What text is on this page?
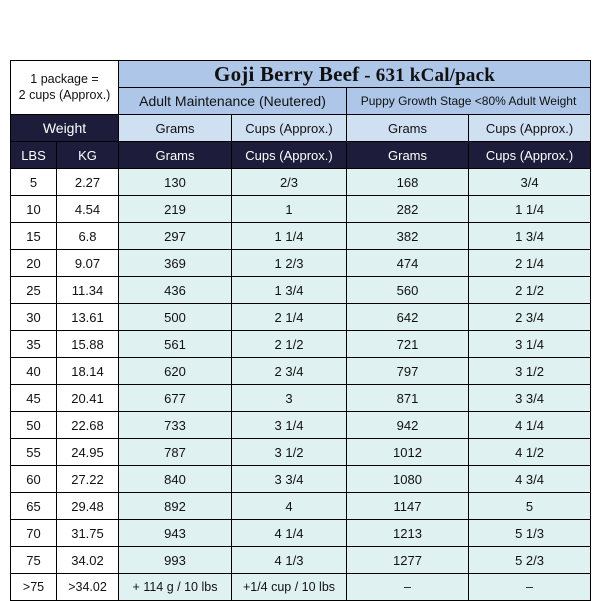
1 package =
2 cups (Approx.)		Goji Berry Beef - 631 kCal/pack			
		Adult Maintenance (Neutered)		Puppy Growth Stage <80% Adult Weight	
Weight		Grams	Cups (Approx.)	Grams	Cups (Approx.)
LBS	KG	Grams	Cups (Approx.)	Grams	Cups (Approx.)
5	2.27	130	2/3	168	3/4
10	4.54	219	1	282	1 1/4
15	6.8	297	1 1/4	382	1 3/4
20	9.07	369	1 2/3	474	2 1/4
25	11.34	436	1 3/4	560	2 1/2
30	13.61	500	2 1/4	642	2 3/4
35	15.88	561	2 1/2	721	3 1/4
40	18.14	620	2 3/4	797	3 1/2
45	20.41	677	3	871	3 3/4
50	22.68	733	3 1/4	942	4 1/4
55	24.95	787	3 1/2	1012	4 1/2
60	27.22	840	3 3/4	1080	4 3/4
65	29.48	892	4	1147	5
70	31.75	943	4 1/4	1213	5 1/3
75	34.02	993	4 1/3	1277	5 2/3
>75	>34.02	+ 114 g / 10 lbs	+1/4 cup / 10 lbs	–	–
